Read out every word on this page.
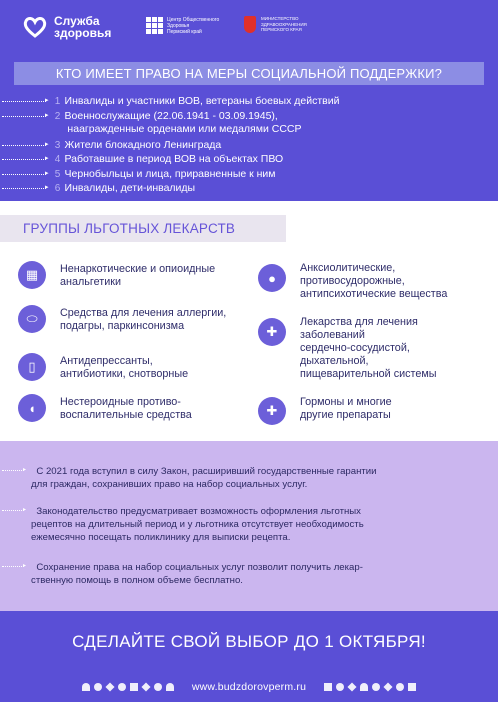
Служба
здоровья
Центр Общественного Здоровья
Пермский край
МИНИСТЕРСТВО ЗДРАВООХРАНЕНИЯ ПЕРМСКОГО КРАЯ
КТО ИМЕЕТ ПРАВО НА МЕРЫ СОЦИАЛЬНОЙ ПОДДЕРЖКИ?
▸ 1 Инвалиды и участники ВОВ, ветераны боевых действий
▸ 2 Военнослужащие (22.06.1941 - 03.09.1945),
наагражденные орденами или медалями СССР
▸ 3 Жители блокадного Ленинграда
▸ 4 Работавшие в период ВОВ на объектах ПВО
▸ 5 Чернобыльцы и лица, приравненные к ним
▸ 6 Инвалиды, дети-инвалиды
ГРУППЫ ЛЬГОТНЫХ ЛЕКАРСТВ
▦	Ненаркотические и опиоидные
анальгетики
⬭	Средства для лечения аллергии,
подагры, паркинсонизма
▯	Антидепрессанты,
антибиотики, снотворные
◖	Нестероидные противо-
воспалительные средства
●
Анксиолитические,
противосудорожные,
антипсихотические вещества
✚
Лекарства для лечения
заболеваний
сердечно-сосудистой,
дыхательной,
пищеварительной системы
✚
Гормоны и многие
другие препараты
▸	С 2021 года вступил в силу Закон, расширивший государственные гарантии
для граждан, сохранивших право на набор социальных услуг.
▸	Законодательство предусматривает возможность оформления льготных
рецептов на длительный период и у льготника отсутствует необходимость
ежемесячно посещать поликлинику для выписки рецепта.
▸	Сохранение права на набор социальных услуг позволит получить лекар-
ственную помощь в полном объеме бесплатно.
СДЕЛАЙТЕ СВОЙ ВЫБОР ДО 1 ОКТЯБРЯ!
www.budzdorovperm.ru
